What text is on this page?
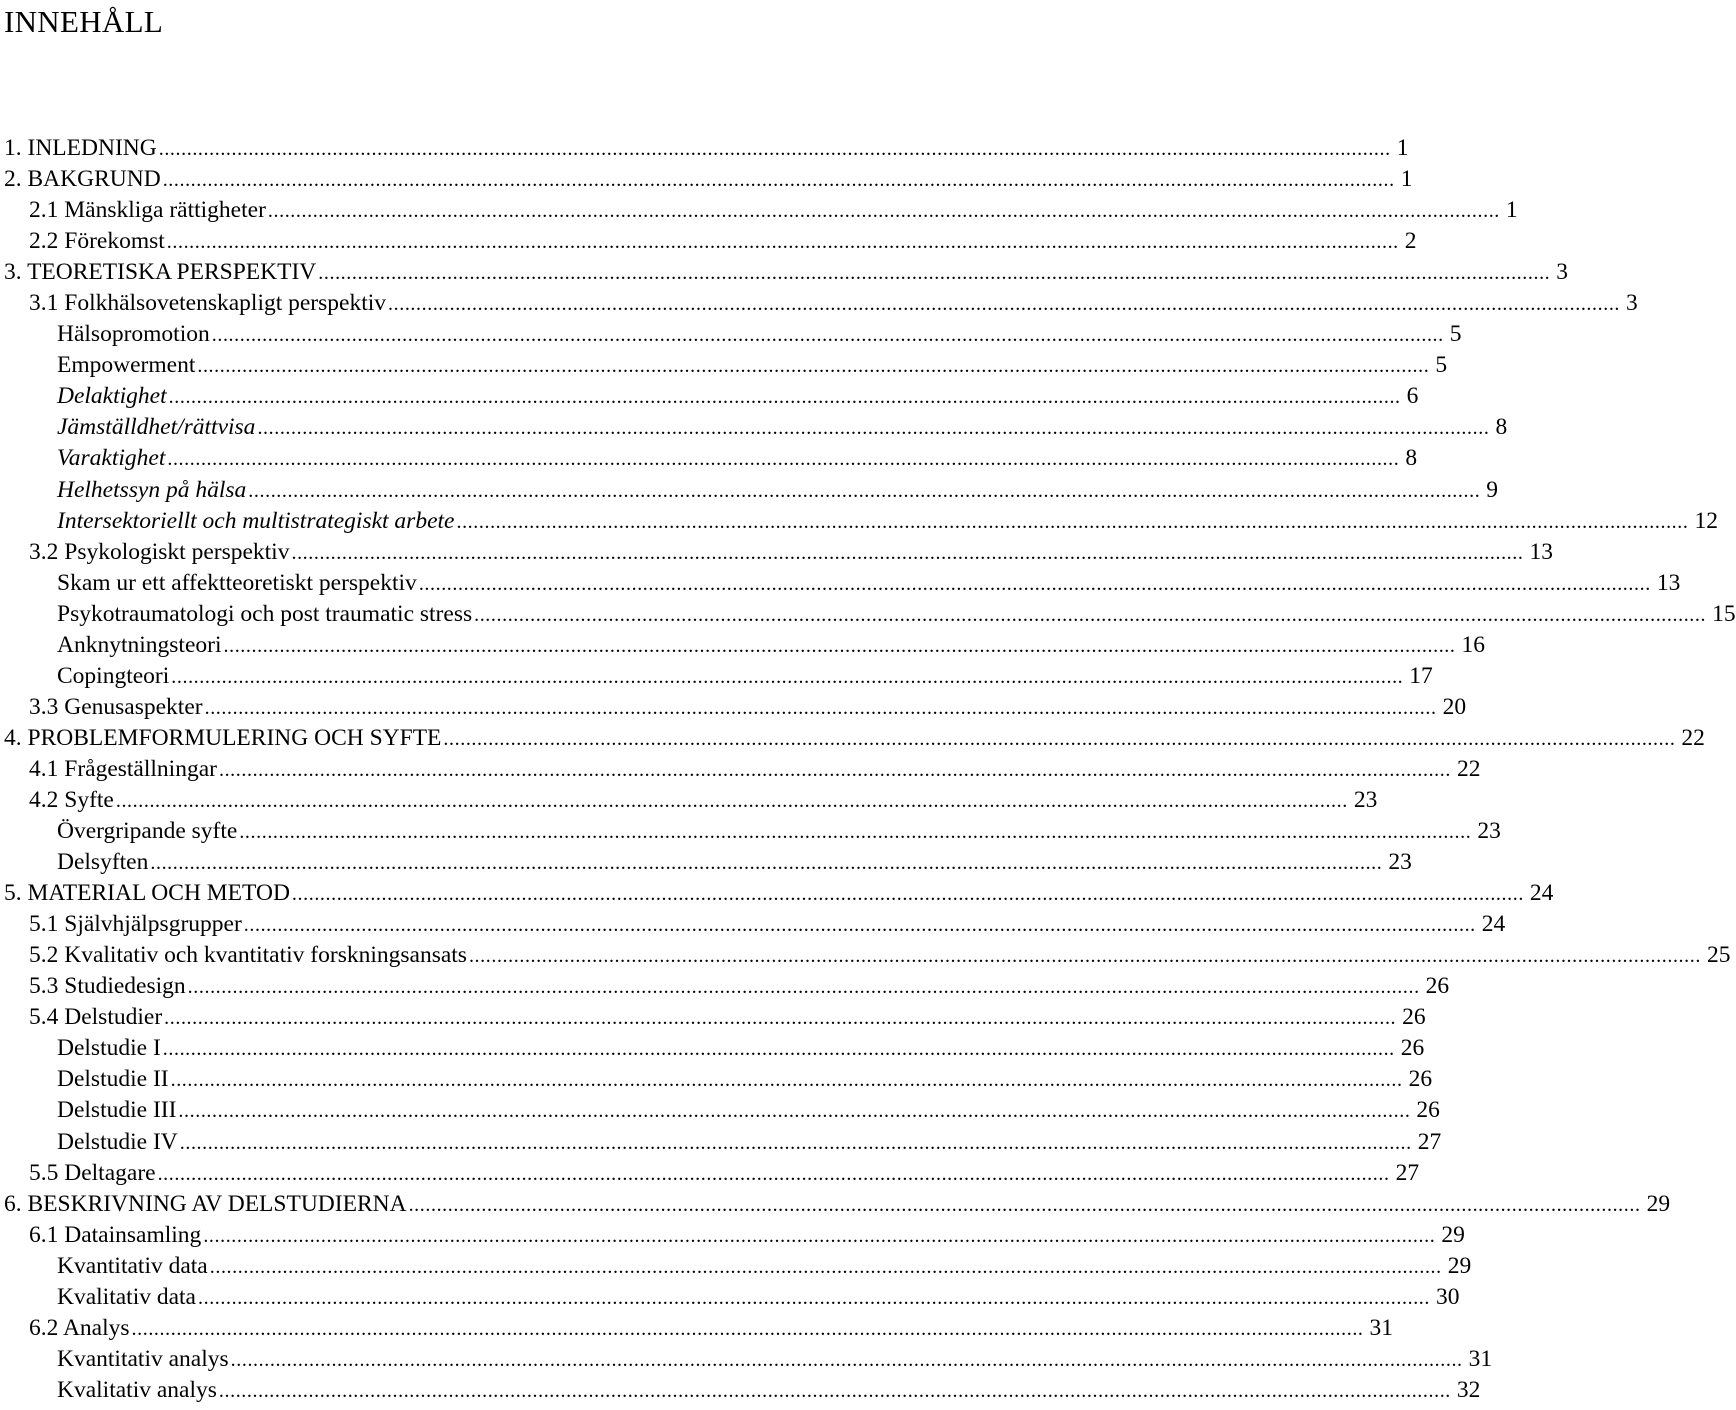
INNEHÅLL
1. INLEDNING ............................................................................................................................................................................................................................ 1
2. BAKGRUND ............................................................................................................................................................................................................................ 1
2.1 Mänskliga rättigheter ............................................................................................................................................................................................................................ 1
2.2 Förekomst ............................................................................................................................................................................................................................ 2
3. TEORETISKA PERSPEKTIV ............................................................................................................................................................................................................................ 3
3.1 Folkhälsovetenskapligt perspektiv ............................................................................................................................................................................................................................ 3
Hälsopromotion ............................................................................................................................................................................................................................ 5
Empowerment ............................................................................................................................................................................................................................ 5
Delaktighet ............................................................................................................................................................................................................................ 6
Jämställdhet/rättvisa ............................................................................................................................................................................................................................ 8
Varaktighet ............................................................................................................................................................................................................................ 8
Helhetssyn på hälsa ............................................................................................................................................................................................................................ 9
Intersektoriellt och multistrategiskt arbete ............................................................................................................................................................................................................................ 12
3.2 Psykologiskt perspektiv ............................................................................................................................................................................................................................ 13
Skam ur ett affektteoretiskt perspektiv ............................................................................................................................................................................................................................ 13
Psykotraumatologi och post traumatic stress ............................................................................................................................................................................................................................ 15
Anknytningsteori ............................................................................................................................................................................................................................ 16
Copingteori ............................................................................................................................................................................................................................ 17
3.3 Genusaspekter ............................................................................................................................................................................................................................ 20
4. PROBLEMFORMULERING OCH SYFTE ............................................................................................................................................................................................................................ 22
4.1 Frågeställningar ............................................................................................................................................................................................................................ 22
4.2 Syfte ............................................................................................................................................................................................................................ 23
Övergripande syfte ............................................................................................................................................................................................................................ 23
Delsyften ............................................................................................................................................................................................................................ 23
5. MATERIAL OCH METOD ............................................................................................................................................................................................................................ 24
5.1 Självhjälpsgrupper ............................................................................................................................................................................................................................ 24
5.2 Kvalitativ och kvantitativ forskningsansats ............................................................................................................................................................................................................................ 25
5.3 Studiedesign ............................................................................................................................................................................................................................ 26
5.4 Delstudier ............................................................................................................................................................................................................................ 26
Delstudie I ............................................................................................................................................................................................................................ 26
Delstudie II ............................................................................................................................................................................................................................ 26
Delstudie III ............................................................................................................................................................................................................................ 26
Delstudie IV ............................................................................................................................................................................................................................ 27
5.5 Deltagare ............................................................................................................................................................................................................................ 27
6. BESKRIVNING AV DELSTUDIERNA ............................................................................................................................................................................................................................ 29
6.1 Datainsamling ............................................................................................................................................................................................................................ 29
Kvantitativ data ............................................................................................................................................................................................................................ 29
Kvalitativ data ............................................................................................................................................................................................................................ 30
6.2 Analys ............................................................................................................................................................................................................................ 31
Kvantitativ analys ............................................................................................................................................................................................................................ 31
Kvalitativ analys ............................................................................................................................................................................................................................ 32
